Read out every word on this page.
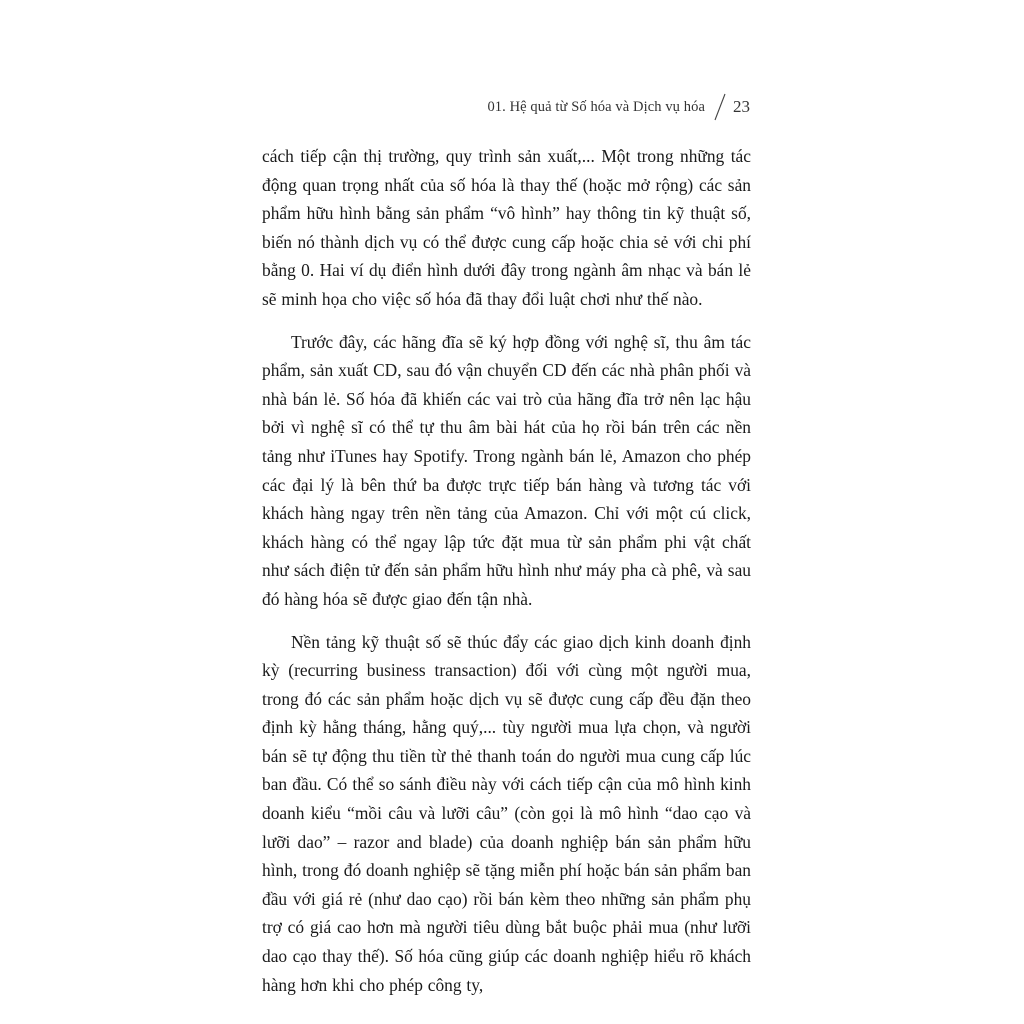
01. Hệ quả từ Số hóa và Dịch vụ hóa 23

cách tiếp cận thị trường, quy trình sản xuất,... Một trong những tác động quan trọng nhất của số hóa là thay thế (hoặc mở rộng) các sản phẩm hữu hình bằng sản phẩm “vô hình” hay thông tin kỹ thuật số, biến nó thành dịch vụ có thể được cung cấp hoặc chia sẻ với chi phí bằng 0. Hai ví dụ điển hình dưới đây trong ngành âm nhạc và bán lẻ sẽ minh họa cho việc số hóa đã thay đổi luật chơi như thế nào.

Trước đây, các hãng đĩa sẽ ký hợp đồng với nghệ sĩ, thu âm tác phẩm, sản xuất CD, sau đó vận chuyển CD đến các nhà phân phối và nhà bán lẻ. Số hóa đã khiến các vai trò của hãng đĩa trở nên lạc hậu bởi vì nghệ sĩ có thể tự thu âm bài hát của họ rồi bán trên các nền tảng như iTunes hay Spotify. Trong ngành bán lẻ, Amazon cho phép các đại lý là bên thứ ba được trực tiếp bán hàng và tương tác với khách hàng ngay trên nền tảng của Amazon. Chỉ với một cú click, khách hàng có thể ngay lập tức đặt mua từ sản phẩm phi vật chất như sách điện tử đến sản phẩm hữu hình như máy pha cà phê, và sau đó hàng hóa sẽ được giao đến tận nhà.

Nền tảng kỹ thuật số sẽ thúc đẩy các giao dịch kinh doanh định kỳ (recurring business transaction) đối với cùng một người mua, trong đó các sản phẩm hoặc dịch vụ sẽ được cung cấp đều đặn theo định kỳ hằng tháng, hằng quý,... tùy người mua lựa chọn, và người bán sẽ tự động thu tiền từ thẻ thanh toán do người mua cung cấp lúc ban đầu. Có thể so sánh điều này với cách tiếp cận của mô hình kinh doanh kiểu “mồi câu và lưỡi câu” (còn gọi là mô hình “dao cạo và lưỡi dao” – razor and blade) của doanh nghiệp bán sản phẩm hữu hình, trong đó doanh nghiệp sẽ tặng miễn phí hoặc bán sản phẩm ban đầu với giá rẻ (như dao cạo) rồi bán kèm theo những sản phẩm phụ trợ có giá cao hơn mà người tiêu dùng bắt buộc phải mua (như lưỡi dao cạo thay thế). Số hóa cũng giúp các doanh nghiệp hiểu rõ khách hàng hơn khi cho phép công ty,
